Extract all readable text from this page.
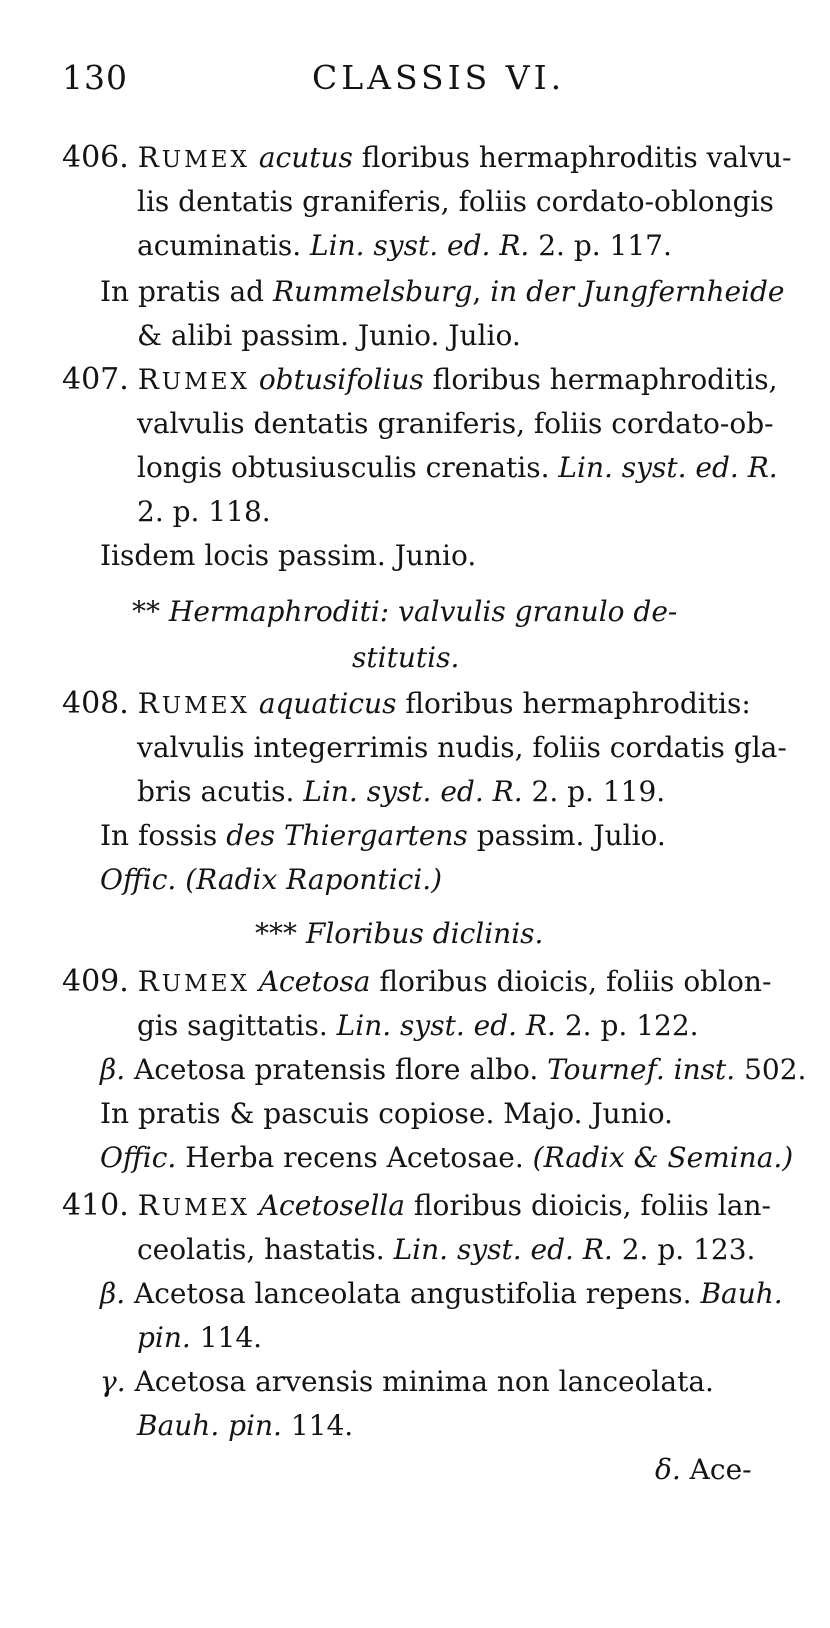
130	CLASSIS VI.
406. RUMEX acutus floribus hermaphroditis valvu-
lis dentatis graniferis, foliis cordato-oblongis
acuminatis. Lin. syst. ed. R. 2. p. 117.
In pratis ad Rummelsburg, in der Jungfernheide
& alibi passim. Junio. Julio.
407. RUMEX obtusifolius floribus hermaphroditis,
valvulis dentatis graniferis, foliis cordato-ob-
longis obtusiusculis crenatis. Lin. syst. ed. R.
2. p. 118.
Iisdem locis passim. Junio.
** Hermaphroditi: valvulis granulo de-
stitutis.
408. RUMEX aquaticus floribus hermaphroditis:
valvulis integerrimis nudis, foliis cordatis gla-
bris acutis. Lin. syst. ed. R. 2. p. 119.
In fossis des Thiergartens passim. Julio.
Offic. (Radix Rapontici.)
*** Floribus diclinis.
409. RUMEX Acetosa floribus dioicis, foliis oblon-
gis sagittatis. Lin. syst. ed. R. 2. p. 122.
β. Acetosa pratensis flore albo. Tournef. inst. 502.
In pratis & pascuis copiose. Majo. Junio.
Offic. Herba recens Acetosae. (Radix & Semina.)
410. RUMEX Acetosella floribus dioicis, foliis lan-
ceolatis, hastatis. Lin. syst. ed. R. 2. p. 123.
β. Acetosa lanceolata angustifolia repens. Bauh.
pin. 114.
γ. Acetosa arvensis minima non lanceolata.
Bauh. pin. 114.
δ. Ace-
